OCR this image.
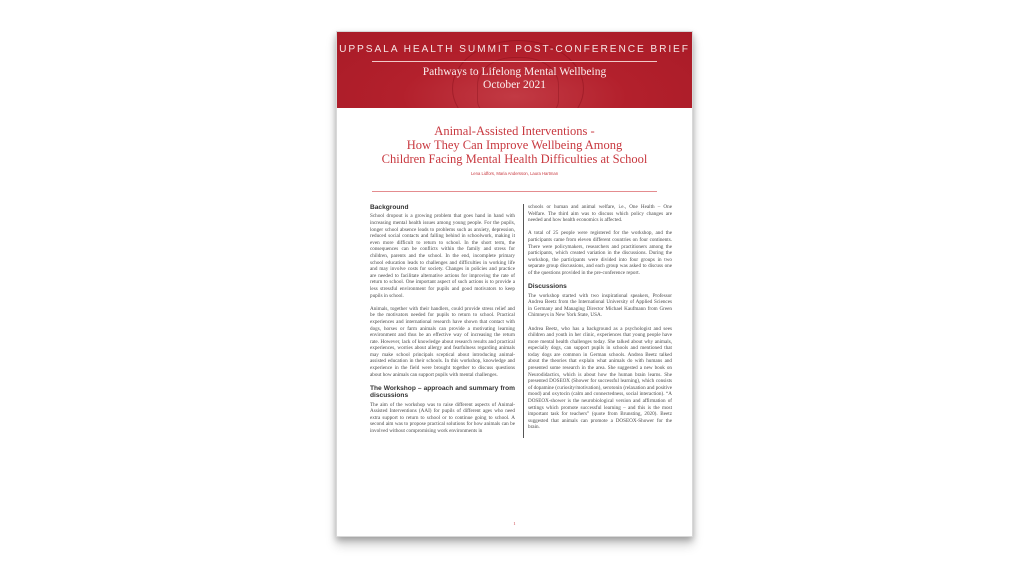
UPPSALA HEALTH SUMMIT POST-CONFERENCE BRIEF
Pathways to Lifelong Mental Wellbeing
October 2021
Animal-Assisted Interventions -
How They Can Improve Wellbeing Among
Children Facing Mental Health Difficulties at School
Lena Lidfors, Maria Andersson, Laura Hartman
Background

School dropout is a growing problem that goes hand in hand with increasing mental health issues among young people. For the pupils, longer school absence leads to problems such as anxiety, depression, reduced social contacts and falling behind in schoolwork, making it even more difficult to return to school. In the short term, the consequences can be conflicts within the family and stress for children, parents and the school. In the end, incomplete primary school education leads to challenges and difficulties in working life and may involve costs for society. Changes in policies and practice are needed to facilitate alternative actions for improving the rate of return to school. One important aspect of such actions is to provide a less stressful environment for pupils and good motivators to keep pupils in school.

Animals, together with their handlers, could provide stress relief and be the motivators needed for pupils to return to school. Practical experiences and international research have shown that contact with dogs, horses or farm animals can provide a motivating learning environment and thus be an effective way of increasing the return rate. However, lack of knowledge about research results and practical experiences, worries about allergy and fearfulness regarding animals may make school principals sceptical about introducing animal-assisted education in their schools. In this workshop, knowledge and experience in the field were brought together to discuss questions about how animals can support pupils with mental challenges.

The Workshop – approach and summary from discussions

The aim of the workshop was to raise different aspects of Animal-Assisted Interventions (AAI) for pupils of different ages who need extra support to return to school or to continue going to school. A second aim was to propose practical solutions for how animals can be involved without compromising work environments in

schools or human and animal welfare, i.e., One Health – One Welfare. The third aim was to discuss which policy changes are needed and how health economics is affected.

A total of 25 people were registered for the workshop, and the participants came from eleven different countries on four continents. There were policymakers, researchers and practitioners among the participants, which created variation in the discussions. During the workshop, the participants were divided into four groups in two separate group discussions, and each group was asked to discuss one of the questions provided in the pre-conference report.

Discussions

The workshop started with two inspirational speakers, Professor Andrea Beetz from the International University of Applied Sciences in Germany and Managing Director Michael Kaufmann from Green Chimneys in New York State, USA.

Andrea Beetz, who has a background as a psychologist and sees children and youth in her clinic, experiences that young people have more mental health challenges today. She talked about why animals, especially dogs, can support pupils in schools and mentioned that today dogs are common in German schools. Andrea Beetz talked about the theories that explain what animals do with humans and presented some research in the area. She suggested a new book on Neurodidactics, which is about how the human brain learns. She presented DOSEOX (Shower for successful learning), which consists of dopamine (curiosity/motivation), serotonin (relaxation and positive mood) and oxytocin (calm and connectedness, social interaction). “A DOSEOX-shower is the neurobiological version and affirmation of settings which promote successful learning – and this is the most important task for teachers” (quote from Brunsting, 2020). Beetz suggested that animals can promote a DOSEOX-Shower for the brain.

1
